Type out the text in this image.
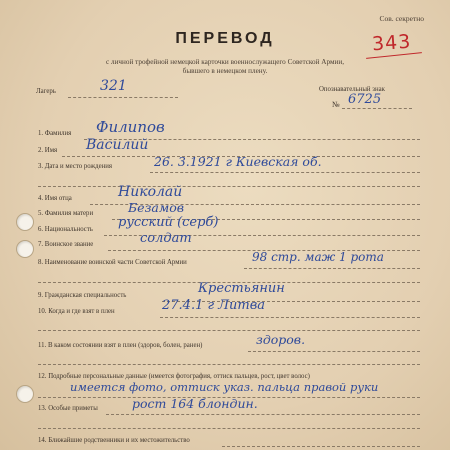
Сов. секретно
343
ПЕРЕВОД
с личной трофейной немецкой карточки военнослужащего Советской Армии,
бывшего в немецком плену.
Лагерь	321	Опознавательный знак
№ 6725
1. Фамилия Филипов
2. Имя Василий
3. Дата и место рождения	26. 3.1921 г Киевская об.
4. Имя отца	Николай
5. Фамилия матери	Безамов
6. Национальность русский (серб)
7. Воинское звание	солдат
8. Наименование воинской части Советской Армии	98 стр. маж 1 рота
9. Гражданская специальность	Крестьянин
10. Когда и где взят в плен	27.4.1 г Литва
11. В каком состоянии взят в плен (здоров, болен, ранен)	здоров.
12. Подробные персональные данные (имеется фотография, оттиск пальцев, рост, цвет волос)
имеется фото, оттиск указ. пальца правой руки
13. Особые приметы	рост 164 блондин.
14. Ближайшие родственники и их местожительство
